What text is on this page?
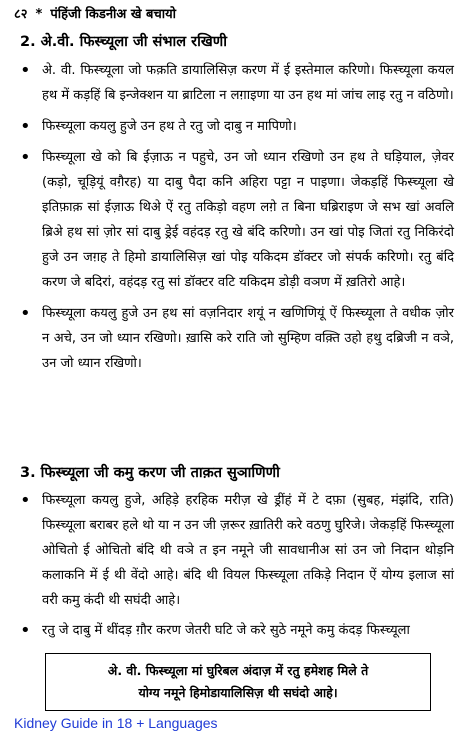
८२ * पंहिंजी किडनीअ खे बचायो
2. अे.वी. फिस्च्यूला जी संभाल रखिणी
• अे. वी. फिस्च्यूला जो फक़ति डायालिसिज़ करण में ई इस्तेमाल करिणो। फिस्च्यूला कयल हथ में कड़हिं बि इन्जेक्शन या ब्राटिला न लग़ाइणा या उन हथ मां जांच लाइ रतु न वठिणो।
• फिस्च्यूला कयलु हुजे उन हथ ते रतु जो दाबु न मापिणो।
• फिस्च्यूला खे को बि ईज़ाऊ न पहुचे, उन जो ध्यान रखिणो उन हथ ते घड़ियाल, ज़ेवर (कड़ो, चूड़ियूं वग़ैरह) या दाबु पैदा कनि अहिरा पट्टा न पाइणा। जेकड़हिं फिस्च्यूला खे इतिफ़ाक़ सां ईज़ाऊ थिअे ऐं रतु तकिड़ो वहण लग़े त बिना घब्रिराइण जे सभ खां अवलि ब्रिअे हथ सां ज़ोर सां दाबु ड्रेई वहंदड़ रतु खे बंदि करिणो। उन खां पोइ जितां रतु निकिरंदो हुजे उन जग़ह ते हिमो डायालिसिज़ खां पोइ यकिदम डॉक्टर जो संपर्क करिणो। रतु बंदि करण जे बदिरां, वहंदड़ रतु सां डॉक्टर वटि यकिदम डोड़ी वञण में ख़तिरो आहे।
• फिस्च्यूला कयलु हुजे उन हथ सां वज़निदार शयूं न खणिणियूं ऐं फिस्च्यूला ते वधीक ज़ोर न अचे, उन जो ध्यान रखिणो। ख़ासि करे राति जो सुम्हिण वक़्ति उहो हथु दब्रिजी न वञे, उन जो ध्यान रखिणो।
3. फिस्च्यूला जी कमु करण जी ताक़त सुञाणिणी
• फिस्च्यूला कयलु हुजे, अहिड़े हरहिक मरीज़ खे ड्रींहं में टे दफ़ा (सुबह, मंझंदि, राति) फिस्च्यूला बराबर हले थो या न उन जी ज़रूर ख़ातिरी करे वठणु घुरिजे। जेकड़हिं फिस्च्यूला ओचितो ई ओचितो बंदि थी वञे त इन नमूने जी सावधानीअ सां उन जो निदान थोड़नि कलाकनि में ई थी वेंदो आहे। बंदि थी वियल फिस्च्यूला तकिड़े निदान ऐं योग्य इलाज सां वरी कमु कंदी थी सघंदी आहे।
• रतु जे दाबु में थींदड़ ग़ौर करण जेतरी घटि जे करे सुठे नमूने कमु कंदड़ फिस्च्यूला
अे. वी. फिस्च्यूला मां घुरिबल अंदाज़ में रतु हमेशह मिले ते
योग्य नमूने हिमोडायालिसिज़ थी सघंदो आहे।
Kidney Guide in 18 + Languages
